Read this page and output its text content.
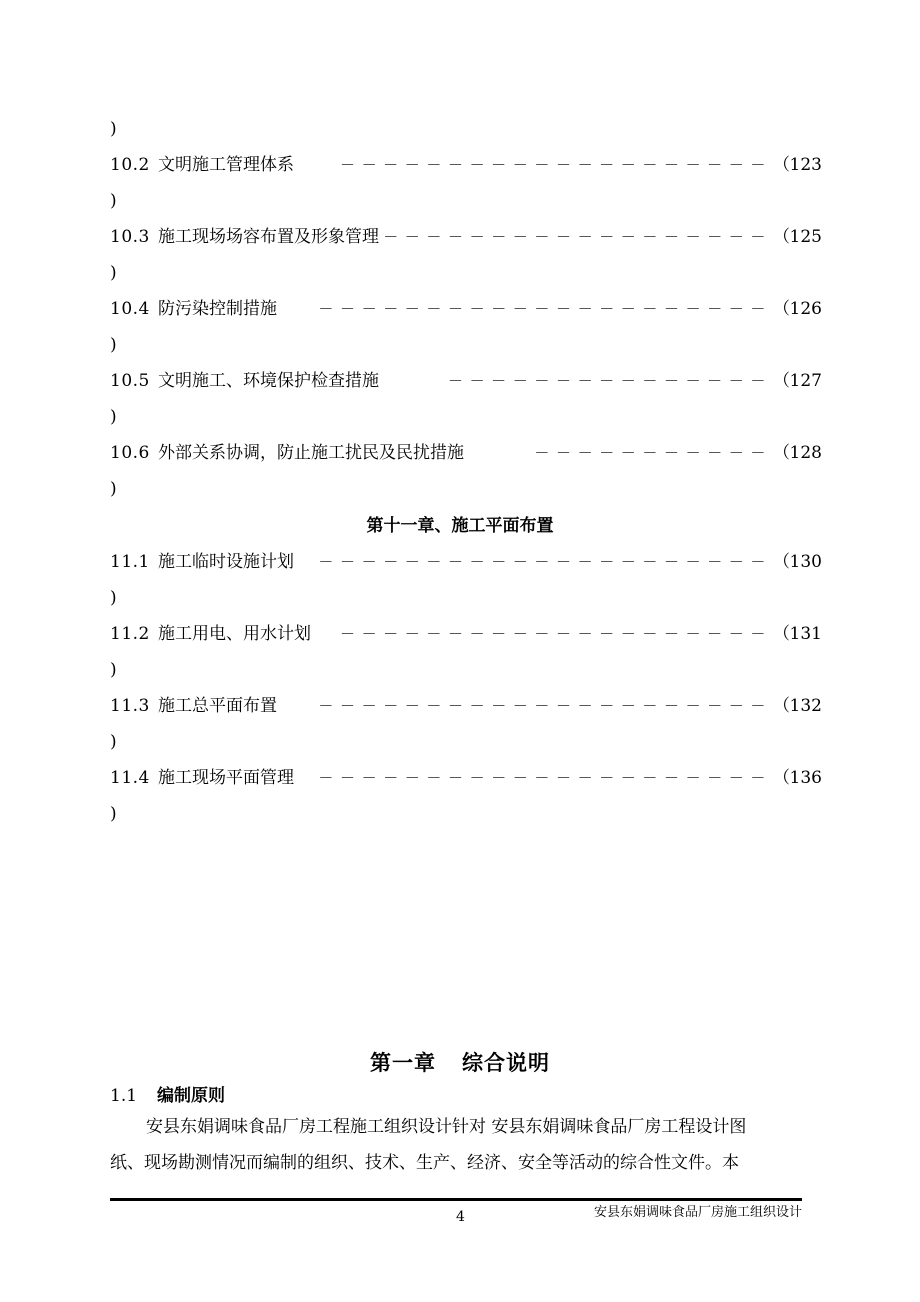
)
10.2 文明施工管理体系	－－－－－－－－－－－－－－－－－－－－ （ 123
)
10.3 施工现场场容布置及形象管理 －－－－－－－－－－－－－－－－－－ （ 125
)
10.4 防污染控制措施	－－－－－－－－－－－－－－－－－－－－－ （ 126
)
10.5 文明施工、环境保护检查措施	－－－－－－－－－－－－－－－ （ 127
)
10.6 外部关系协调，防止施工扰民及民扰措施	－－－－－－－－－－－ （ 128
)
第十一章、施工平面布置
11.1 施工临时设施计划 －－－－－－－－－－－－－－－－－－－－－ （ 130
)
11.2 施工用电、用水计划 －－－－－－－－－－－－－－－－－－－－ （ 131
)
11.3 施工总平面布置	－－－－－－－－－－－－－－－－－－－－－ （ 132
)
11.4 施工现场平面管理 －－－－－－－－－－－－－－－－－－－－－ （ 136
)
第一章 综合说明
1.1 编制原则

安县东娟调味食品厂房工程施工组织设计针对 安县东娟调味食品厂房工程设计图

纸、现场勘测情况而编制的组织、技术、生产、经济、安全等活动的综合性文件。本
4	安县东娟调味食品厂房施工组织设计
